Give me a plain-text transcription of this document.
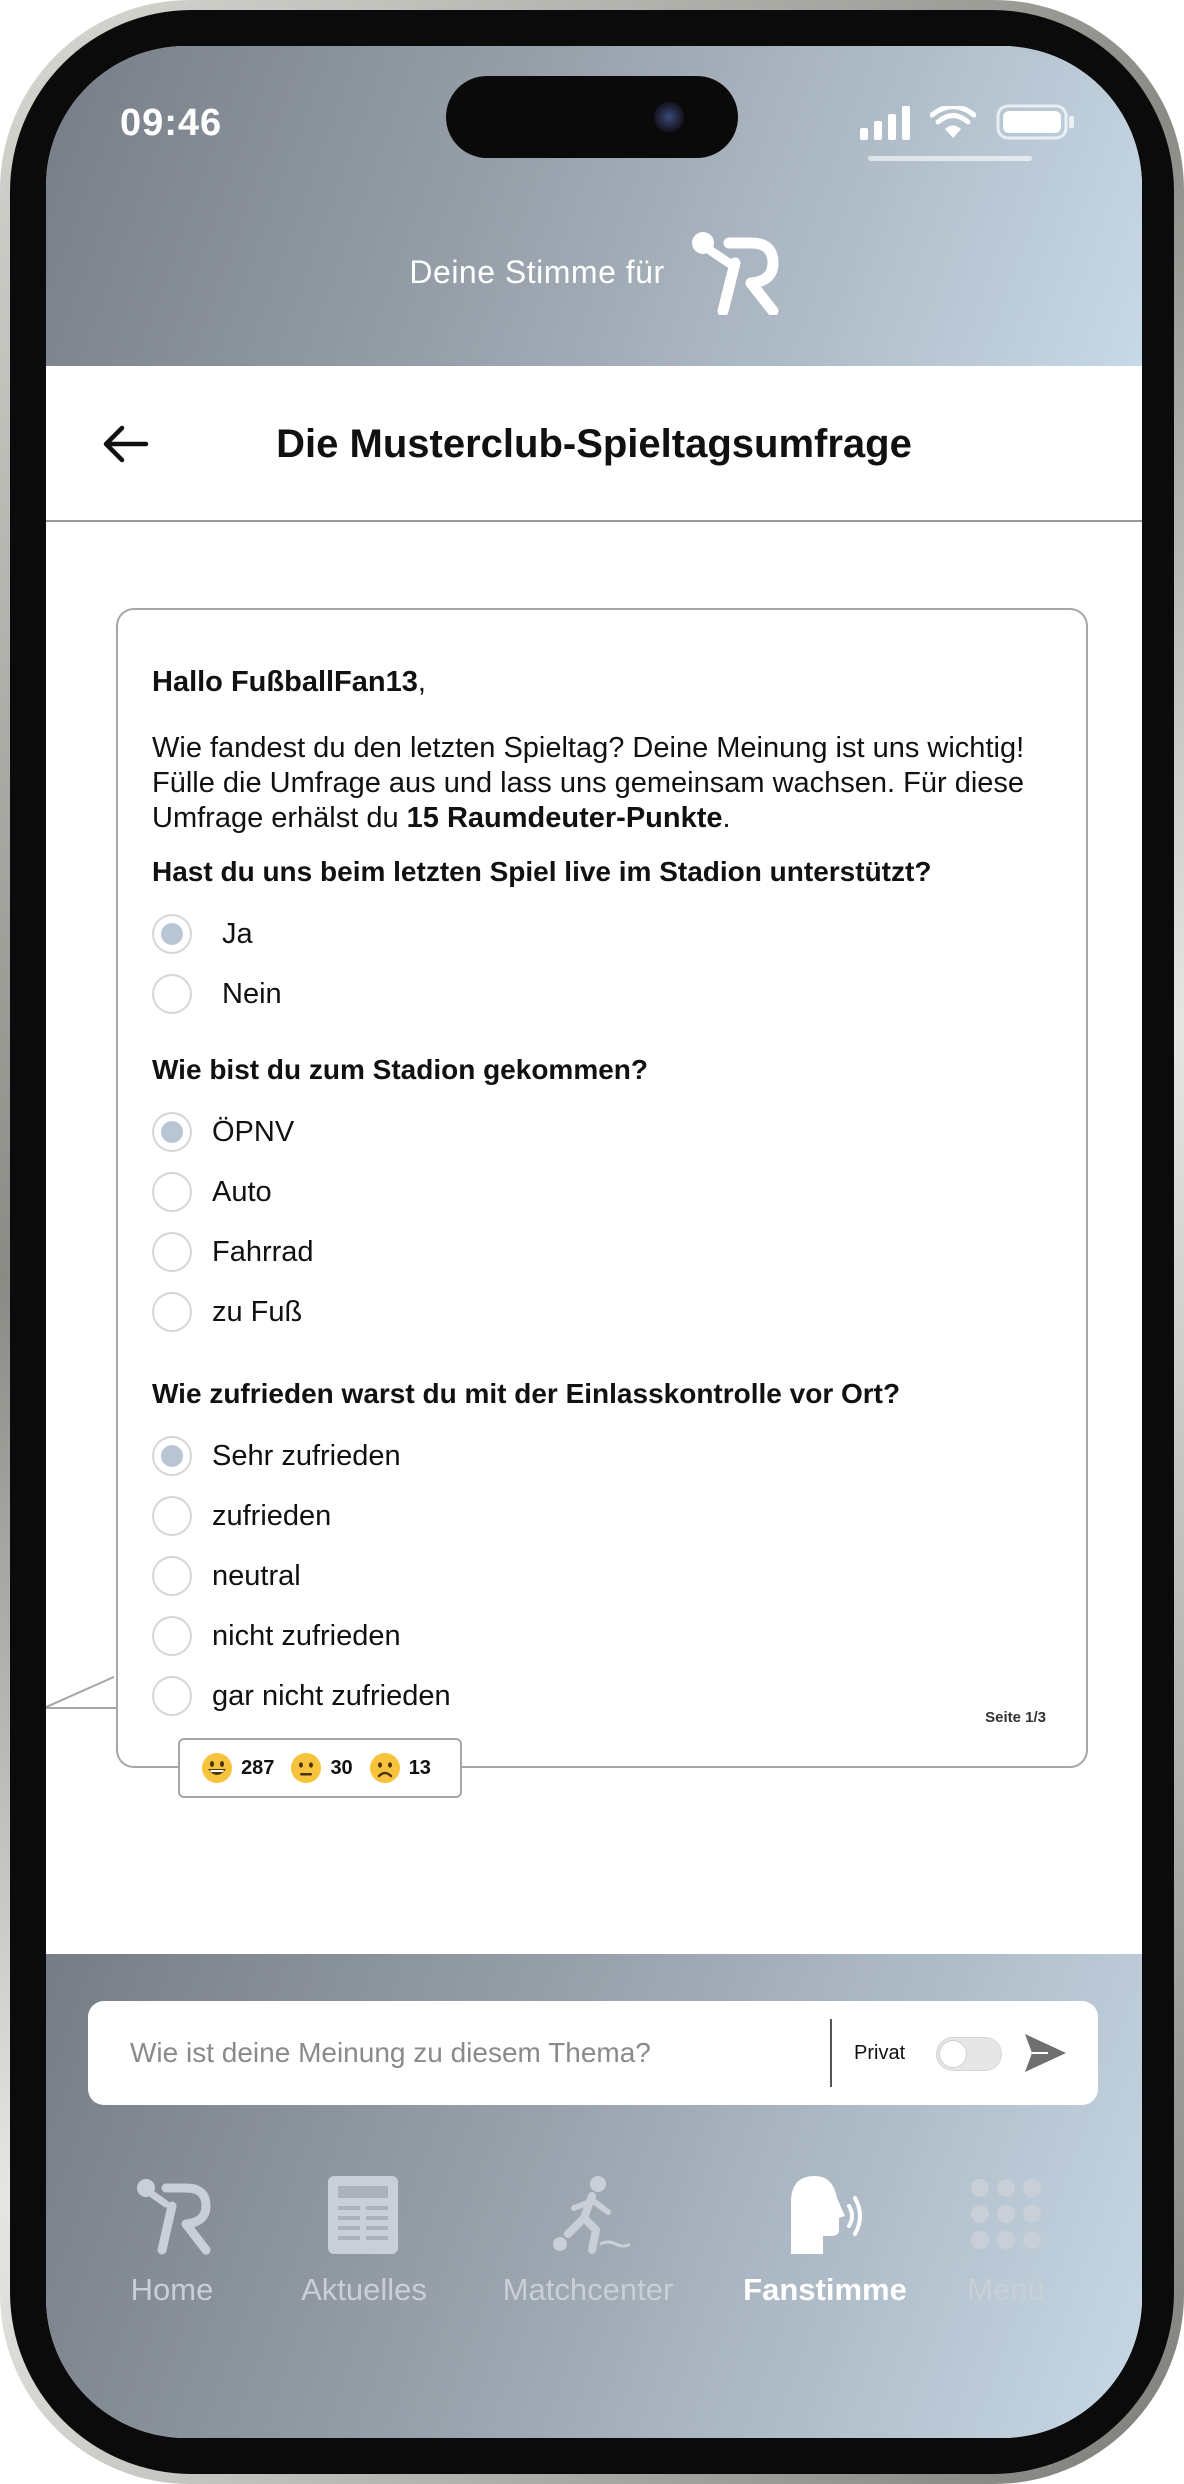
09:46
Deine Stimme für
Die Musterclub-Spieltagsumfrage
Hallo FußballFan13,
Wie fandest du den letzten Spieltag? Deine Meinung ist uns wichtig! Fülle die Umfrage aus und lass uns gemeinsam wachsen. Für diese Umfrage erhälst du 15 Raumdeuter-Punkte.
Hast du uns beim letzten Spiel live im Stadion unterstützt?
Ja
Nein
Wie bist du zum Stadion gekommen?
ÖPNV
Auto
Fahrrad
zu Fuß
Wie zufrieden warst du mit der Einlasskontrolle vor Ort?
Sehr zufrieden
zufrieden
neutral
nicht zufrieden
gar nicht zufrieden
Seite 1/3
287	30	13
Wie ist deine Meinung zu diesem Thema?	Privat
Home	Aktuelles Matchcenter Fanstimme Menü
